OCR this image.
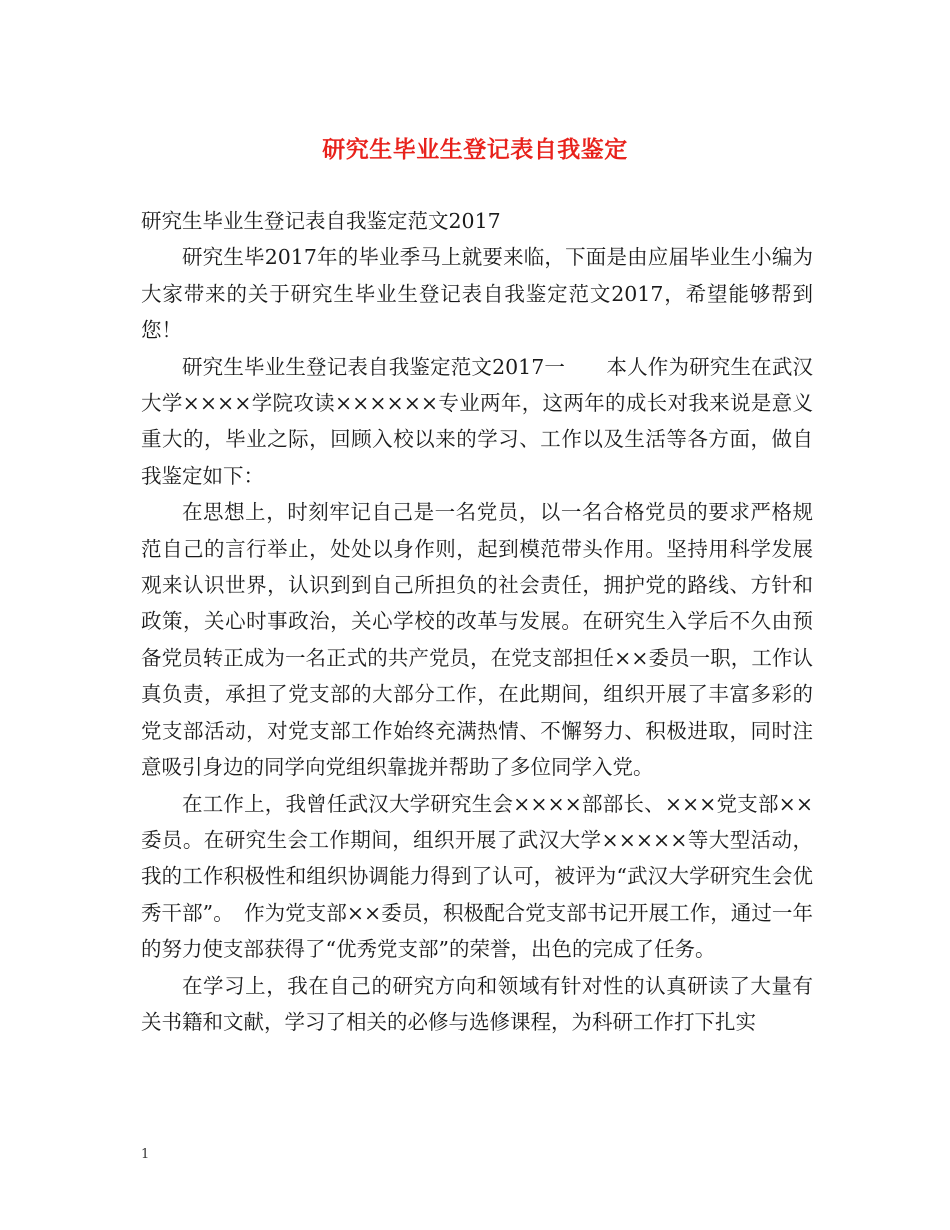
研究生毕业生登记表自我鉴定

研究生毕业生登记表自我鉴定范文2017

研究生毕2017年的毕业季马上就要来临，下面是由应届毕业生小编为大家带来的关于研究生毕业生登记表自我鉴定范文2017，希望能够帮到您！

研究生毕业生登记表自我鉴定范文2017一　　本人作为研究生在武汉大学××××学院攻读××××××专业两年，这两年的成长对我来说是意义重大的，毕业之际，回顾入校以来的学习、工作以及生活等各方面，做自我鉴定如下：

在思想上，时刻牢记自己是一名党员，以一名合格党员的要求严格规范自己的言行举止，处处以身作则，起到模范带头作用。坚持用科学发展观来认识世界，认识到到自己所担负的社会责任，拥护党的路线、方针和政策，关心时事政治，关心学校的改革与发展。在研究生入学后不久由预备党员转正成为一名正式的共产党员，在党支部担任××委员一职，工作认真负责，承担了党支部的大部分工作，在此期间，组织开展了丰富多彩的党支部活动，对党支部工作始终充满热情、不懈努力、积极进取，同时注意吸引身边的同学向党组织靠拢并帮助了多位同学入党。

在工作上，我曾任武汉大学研究生会××××部部长、×××党支部××委员。在研究生会工作期间，组织开展了武汉大学×××××等大型活动，我的工作积极性和组织协调能力得到了认可，被评为“武汉大学研究生会优秀干部”。　作为党支部××委员，积极配合党支部书记开展工作，通过一年的努力使支部获得了“优秀党支部”的荣誉，出色的完成了任务。

在学习上，我在自己的研究方向和领域有针对性的认真研读了大量有关书籍和文献，学习了相关的必修与选修课程，为科研工作打下扎实

1
